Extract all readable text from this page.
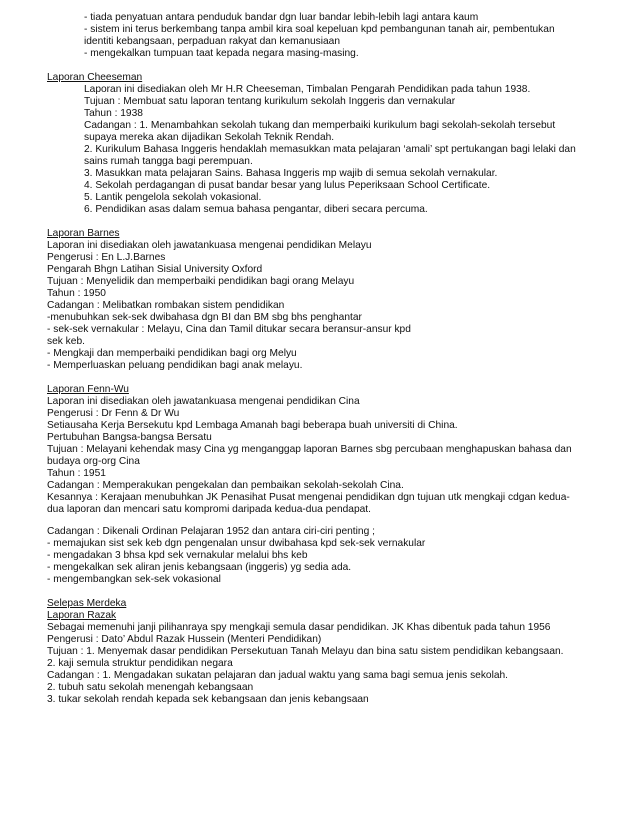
- tiada penyatuan antara penduduk bandar dgn luar bandar lebih-lebih lagi antara kaum
- sistem ini terus berkembang tanpa ambil kira soal kepeluan kpd pembangunan tanah air, pembentukan
identiti kebangsaan, perpaduan rakyat dan kemanusiaan
- mengekalkan tumpuan taat kepada negara masing-masing.
Laporan Cheeseman
Laporan ini disediakan oleh Mr H.R Cheeseman, Timbalan Pengarah Pendidikan pada tahun 1938.
Tujuan : Membuat satu laporan tentang kurikulum sekolah Inggeris dan vernakular
Tahun : 1938
Cadangan : 1. Menambahkan sekolah tukang dan memperbaiki kurikulum bagi sekolah-sekolah tersebut
supaya mereka akan dijadikan Sekolah Teknik Rendah.
2. Kurikulum Bahasa Inggeris hendaklah memasukkan mata pelajaran ‘amali’ spt pertukangan bagi lelaki dan
sains rumah tangga bagi perempuan.
3. Masukkan mata pelajaran Sains. Bahasa Inggeris mp wajib di semua sekolah vernakular.
4. Sekolah perdagangan di pusat bandar besar yang lulus Peperiksaan School Certificate.
5. Lantik pengelola sekolah vokasional.
6. Pendidikan asas dalam semua bahasa pengantar, diberi secara percuma.
Laporan Barnes
Laporan ini disediakan oleh jawatankuasa mengenai pendidikan Melayu
Pengerusi : En L.J.Barnes
Pengarah Bhgn Latihan Sisial University Oxford
Tujuan : Menyelidik dan memperbaiki pendidikan bagi orang Melayu
Tahun : 1950
Cadangan : Melibatkan rombakan sistem pendidikan
-menubuhkan sek-sek dwibahasa dgn BI dan BM sbg bhs penghantar
- sek-sek vernakular : Melayu, Cina dan Tamil ditukar secara beransur-ansur kpd
sek keb.
- Mengkaji dan memperbaiki pendidikan bagi org Melyu
- Memperluaskan peluang pendidikan bagi anak melayu.
Laporan Fenn-Wu
Laporan ini disediakan oleh jawatankuasa mengenai pendidikan Cina
Pengerusi : Dr Fenn & Dr Wu
Setiausaha Kerja Bersekutu kpd Lembaga Amanah bagi beberapa buah universiti di China.
Pertubuhan Bangsa-bangsa Bersatu
Tujuan : Melayani kehendak masy Cina yg menganggap laporan Barnes sbg percubaan menghapuskan bahasa dan
budaya org-org Cina
Tahun : 1951
Cadangan : Memperakukan pengekalan dan pembaikan sekolah-sekolah Cina.
Kesannya : Kerajaan menubuhkan JK Penasihat Pusat mengenai pendidikan dgn tujuan utk mengkaji cdgan kedua-
dua laporan dan mencari satu kompromi daripada kedua-dua pendapat.
Cadangan : Dikenali Ordinan Pelajaran 1952 dan antara ciri-ciri penting ;
- memajukan sist sek keb dgn pengenalan unsur dwibahasa kpd sek-sek vernakular
- mengadakan 3 bhsa kpd sek vernakular melalui bhs keb
- mengekalkan sek aliran jenis kebangsaan (inggeris) yg sedia ada.
- mengembangkan sek-sek vokasional
Selepas Merdeka
Laporan Razak
Sebagai memenuhi janji pilihanraya spy mengkaji semula dasar pendidikan. JK Khas dibentuk pada tahun 1956
Pengerusi : Dato’ Abdul Razak Hussein (Menteri Pendidikan)
Tujuan : 1. Menyemak dasar pendidikan Persekutuan Tanah Melayu dan bina satu sistem pendidikan kebangsaan.
2. kaji semula struktur pendidikan negara
Cadangan : 1. Mengadakan sukatan pelajaran dan jadual waktu yang sama bagi semua jenis sekolah.
2. tubuh satu sekolah menengah kebangsaan
3. tukar sekolah rendah kepada sek kebangsaan dan jenis kebangsaan
